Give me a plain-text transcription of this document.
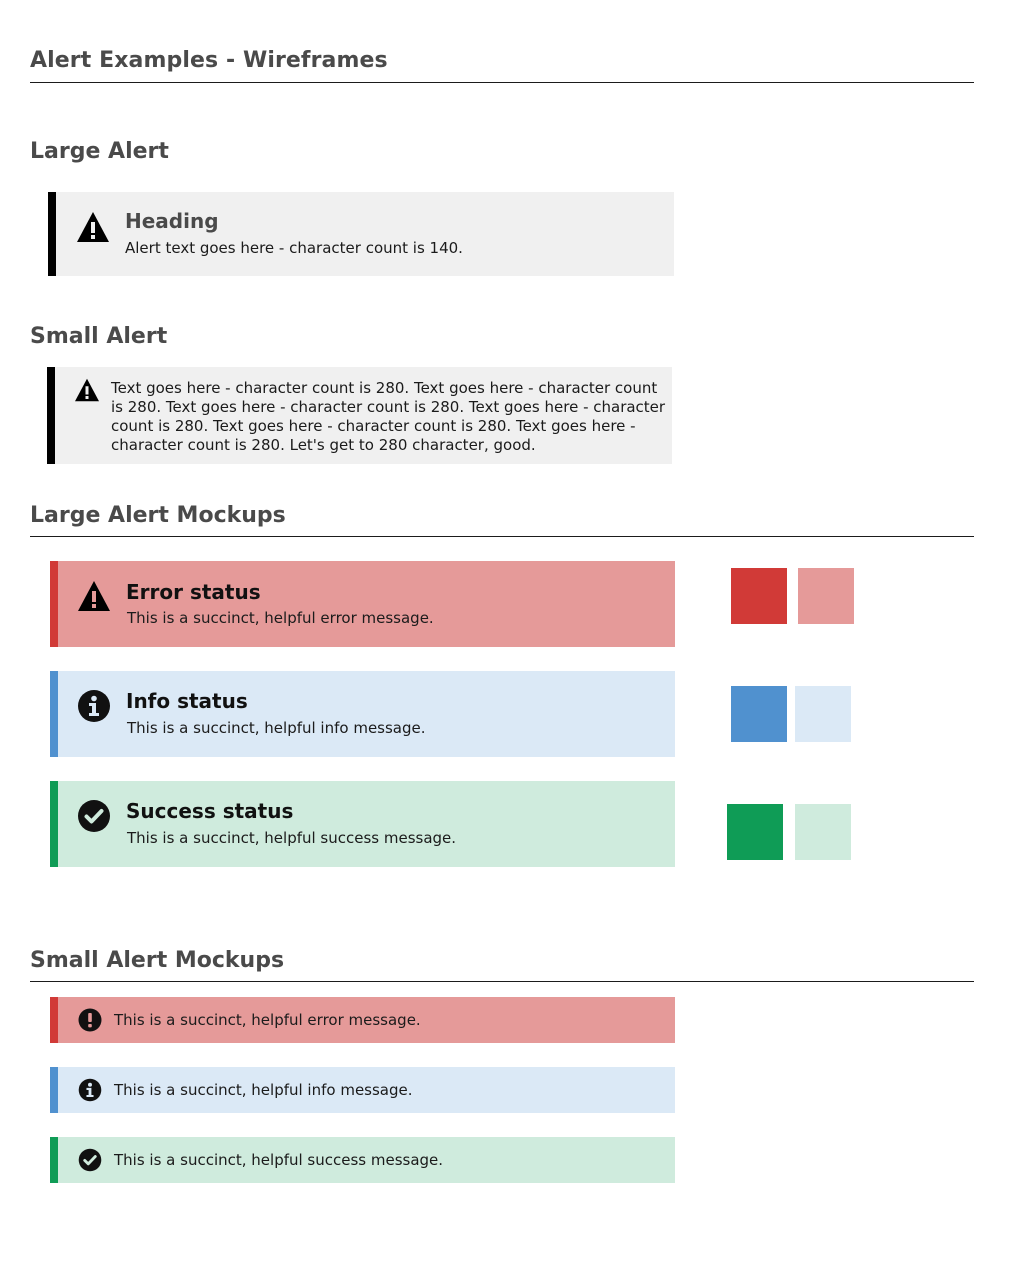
Alert Examples - Wireframes
Large Alert
Heading
Alert text goes here - character count is 140.
Small Alert
Text goes here - character count is 280. Text goes here - character count is 280. Text goes here - character count is 280. Text goes here - character count is 280. Text goes here - character count is 280. Text goes here - character count is 280. Let's get to 280 character, good.
Large Alert Mockups
Error status
This is a succinct, helpful error message.
Info status
This is a succinct, helpful info message.
Success status
This is a succinct, helpful success message.
Small Alert Mockups
This is a succinct, helpful error message.
This is a succinct, helpful info message.
This is a succinct, helpful success message.
